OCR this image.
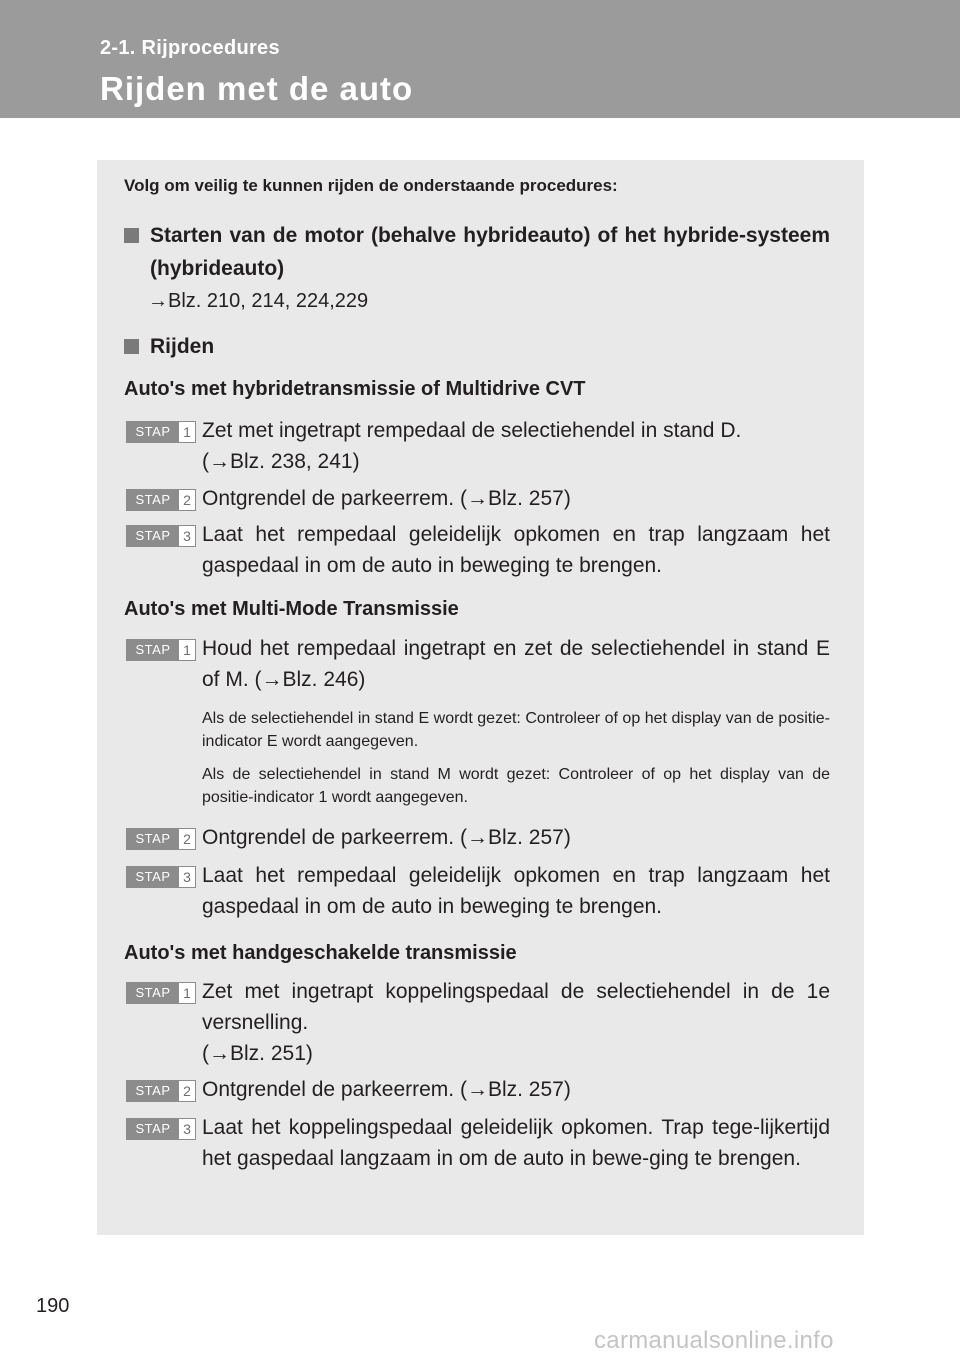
2-1. Rijprocedures
Rijden met de auto
Volg om veilig te kunnen rijden de onderstaande procedures:
Starten van de motor (behalve hybrideauto) of het hybride-systeem (hybrideauto)
→Blz. 210, 214, 224,229
Rijden
Auto's met hybridetransmissie of Multidrive CVT
STAP 1 Zet met ingetrapt rempedaal de selectiehendel in stand D.
(→Blz. 238, 241)
STAP 2 Ontgrendel de parkeerrem. (→Blz. 257)
STAP 3 Laat het rempedaal geleidelijk opkomen en trap langzaam het gaspedaal in om de auto in beweging te brengen.
Auto's met Multi-Mode Transmissie
STAP 1 Houd het rempedaal ingetrapt en zet de selectiehendel in stand E of M. (→Blz. 246)
Als de selectiehendel in stand E wordt gezet: Controleer of op het display van de positie-indicator E wordt aangegeven.
Als de selectiehendel in stand M wordt gezet: Controleer of op het display van de positie-indicator 1 wordt aangegeven.
STAP 2 Ontgrendel de parkeerrem. (→Blz. 257)
STAP 3 Laat het rempedaal geleidelijk opkomen en trap langzaam het gaspedaal in om de auto in beweging te brengen.
Auto's met handgeschakelde transmissie
STAP 1 Zet met ingetrapt koppelingspedaal de selectiehendel in de 1e versnelling.
(→Blz. 251)
STAP 2 Ontgrendel de parkeerrem. (→Blz. 257)
STAP 3 Laat het koppelingspedaal geleidelijk opkomen. Trap tege-lijkertijd het gaspedaal langzaam in om de auto in bewe-ging te brengen.
190
carmanualsonline.info
